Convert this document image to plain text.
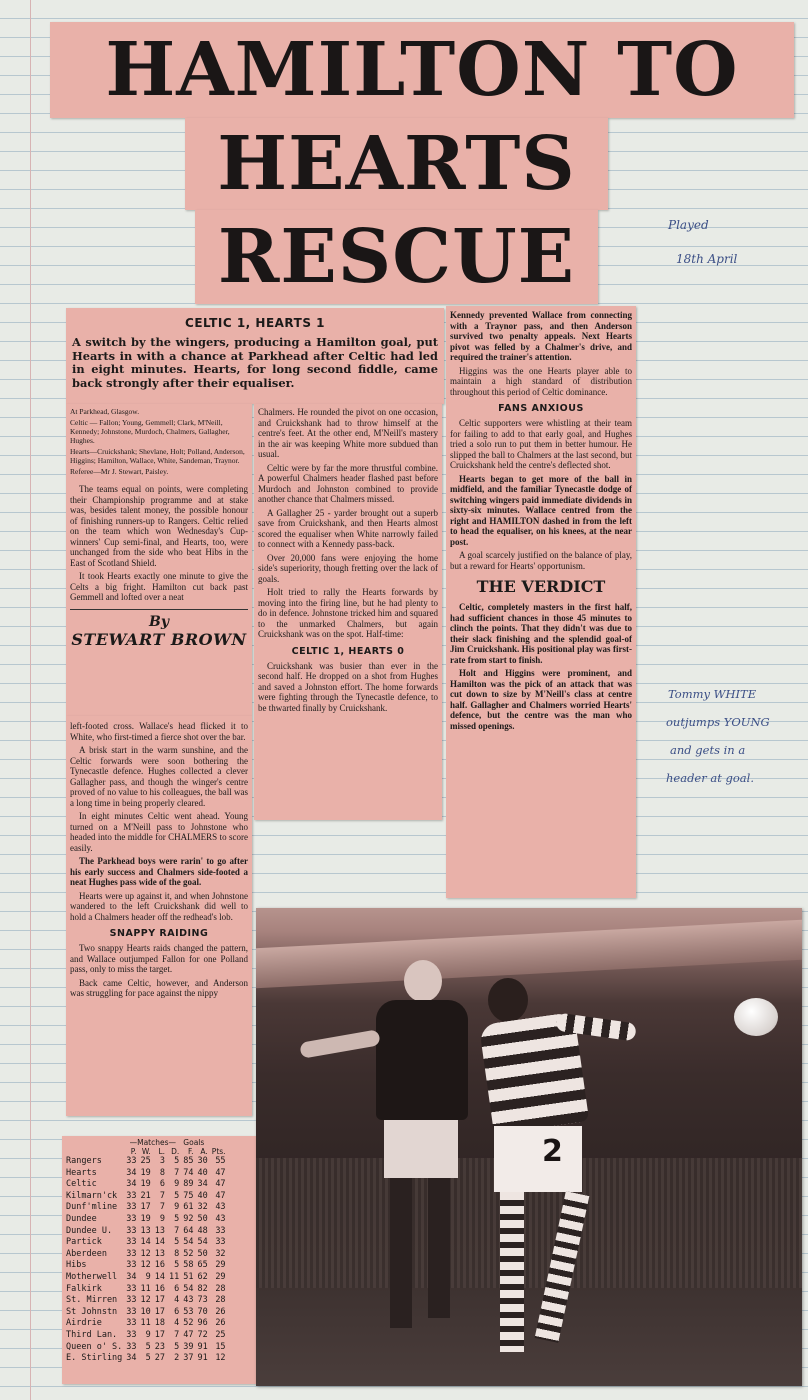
HAMILTON TO
HEARTS
RESCUE	Played
18th April
CELTIC 1, HEARTS 1

A switch by the wingers, producing a Hamilton goal, put Hearts in with a chance at Parkhead after Celtic had led in eight minutes. Hearts, for long second fiddle, came back strongly after their equaliser.

At Parkhead, Glasgow.

Celtic — Fallon; Young, Gemmell; Clark, M'Neill, Kennedy; Johnstone, Murdoch, Chalmers, Gallagher, Hughes.

Hearts—Cruickshank; Shevlane, Holt; Polland, Anderson, Higgins; Hamilton, Wallace, White, Sandeman, Traynor.

Referee—Mr J. Stewart, Paisley.

The teams equal on points, were completing their Championship programme and at stake was, besides talent money, the possible honour of finishing runners-up to Rangers. Celtic relied on the team which won Wednesday's Cup-winners' Cup semi-final, and Hearts, too, were unchanged from the side who beat Hibs in the East of Scotland Shield.

It took Hearts exactly one minute to give the Celts a big fright. Hamilton cut back past Gemmell and lofted over a neat

By
STEWART BROWN

left-footed cross. Wallace's head flicked it to White, who first-timed a fierce shot over the bar.

A brisk start in the warm sunshine, and the Celtic forwards were soon bothering the Tynecastle defence. Hughes collected a clever Gallagher pass, and though the winger's centre proved of no value to his colleagues, the ball was a long time in being properly cleared.

In eight minutes Celtic went ahead. Young turned on a M'Neill pass to Johnstone who headed into the middle for CHALMERS to score easily.

The Parkhead boys were rarin' to go after his early success and Chalmers side-footed a neat Hughes pass wide of the goal.

Hearts were up against it, and when Johnstone wandered to the left Cruickshank did well to hold a Chalmers header off the redhead's lob.

SNAPPY RAIDING

Two snappy Hearts raids changed the pattern, and Wallace outjumped Fallon for one Polland pass, only to miss the target.

Back came Celtic, however, and Anderson was struggling for pace against the nippy

Chalmers. He rounded the pivot on one occasion, and Cruickshank had to throw himself at the centre's feet. At the other end, M'Neill's mastery in the air was keeping White more subdued than usual.

Celtic were by far the more thrustful combine. A powerful Chalmers header flashed past before Murdoch and Johnston combined to provide another chance that Chalmers missed.

A Gallagher 25 - yarder brought out a superb save from Cruickshank, and then Hearts almost scored the equaliser when White narrowly failed to connect with a Kennedy pass-back.

Over 20,000 fans were enjoying the home side's superiority, though fretting over the lack of goals.

Holt tried to rally the Hearts forwards by moving into the firing line, but he had plenty to do in defence. Johnstone tricked him and squared to the unmarked Chalmers, but again Cruickshank was on the spot. Half-time:

CELTIC 1, HEARTS 0

Cruickshank was busier than ever in the second half. He dropped on a shot from Hughes and saved a Johnston effort. The home forwards were fighting through the Tynecastle defence, to be thwarted finally by Cruickshank.

Kennedy prevented Wallace from connecting with a Traynor pass, and then Anderson survived two penalty appeals. Next Hearts pivot was felled by a Chalmer's drive, and required the trainer's attention.

Higgins was the one Hearts player able to maintain a high standard of distribution throughout this period of Celtic dominance.

FANS ANXIOUS

Celtic supporters were whistling at their team for failing to add to that early goal, and Hughes tried a solo run to put them in better humour. He slipped the ball to Chalmers at the last second, but Cruickshank held the centre's deflected shot.

Hearts began to get more of the ball in midfield, and the familiar Tynecastle dodge of switching wingers paid immediate dividends in sixty-six minutes. Wallace centred from the right and HAMILTON dashed in from the left to head the equaliser, on his knees, at the near post.

A goal scarcely justified on the balance of play, but a reward for Hearts' opportunism.

THE VERDICT

Celtic, completely masters in the first half, had sufficient chances in those 45 minutes to clinch the points. That they didn't was due to their slack finishing and the splendid goal-of Jim Cruickshank. His positional play was first-rate from start to finish.

Holt and Higgins were prominent, and Hamilton was the pick of an attack that was cut down to size by M'Neill's class at centre half. Gallagher and Chalmers worried Hearts' defence, but the centre was the man who missed openings.

Tommy WHITE
outjumps YOUNG
and gets in a
header at goal.
	—Matches—				Goals		
	P.	W.	L.	D.	F.	A.	Pts.
Rangers	33	25	3	5	85	30	55
Hearts	34	19	8	7	74	40	47
Celtic	34	19	6	9	89	34	47
Kilmarn'ck	33	21	7	5	75	40	47
Dunf'mline	33	17	7	9	61	32	43
Dundee	33	19	9	5	92	50	43
Dundee U.	33	13	13	7	64	48	33
Partick	33	14	14	5	54	54	33
Aberdeen	33	12	13	8	52	50	32
Hibs	33	12	16	5	58	65	29
Motherwell	34	9	14	11	51	62	29
Falkirk	33	11	16	6	54	82	28
St. Mirren	33	12	17	4	43	73	28
St Johnstn	33	10	17	6	53	70	26
Airdrie	33	11	18	4	52	96	26
Third Lan.	33	9	17	7	47	72	25
Queen o' S.	33	5	23	5	39	91	15
E. Stirling	34	5	27	2	37	91	12
2
